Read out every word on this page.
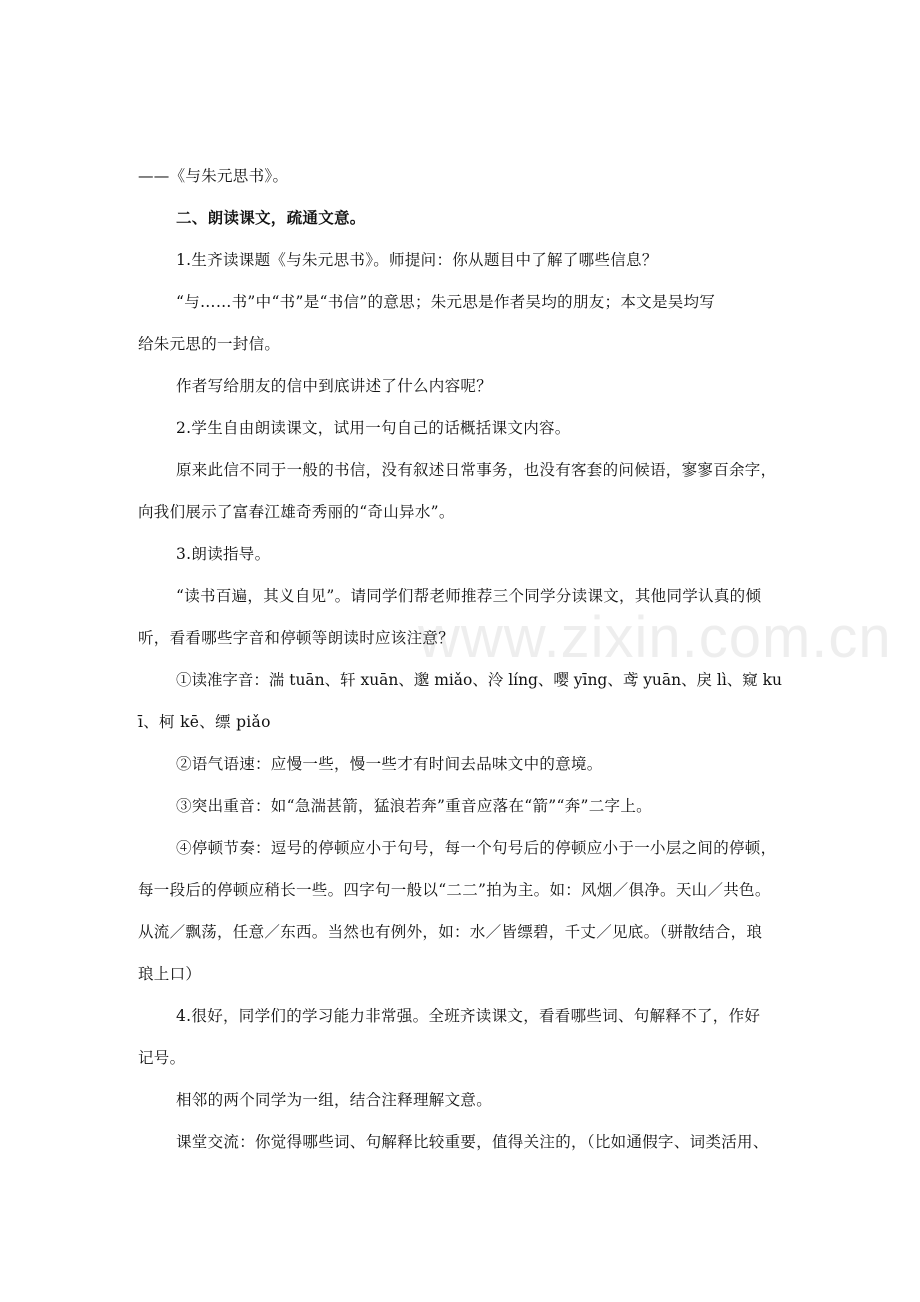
www.zixin.com.cn
——《与朱元思书》。
二、朗读课文，疏通文意。
1.生齐读课题《与朱元思书》。师提问：你从题目中了解了哪些信息？
“与……书”中“书”是“书信”的意思；朱元思是作者吴均的朋友；本文是吴均写
给朱元思的一封信。
作者写给朋友的信中到底讲述了什么内容呢？
2.学生自由朗读课文，试用一句自己的话概括课文内容。
原来此信不同于一般的书信，没有叙述日常事务，也没有客套的问候语，寥寥百余字，
向我们展示了富春江雄奇秀丽的“奇山异水”。
3.朗读指导。
“读书百遍，其义自见”。请同学们帮老师推荐三个同学分读课文，其他同学认真的倾
听，看看哪些字音和停顿等朗读时应该注意？
①读准字音：湍 tuān、轩 xuān、邈 miǎo、泠 líng、嘤 yīng、鸢 yuān、戾 lì、窥 ku
ī、柯 kē、缥 piǎo
②语气语速：应慢一些，慢一些才有时间去品味文中的意境。
③突出重音：如“急湍甚箭，猛浪若奔”重音应落在“箭”“奔”二字上。
④停顿节奏：逗号的停顿应小于句号，每一个句号后的停顿应小于一小层之间的停顿，
每一段后的停顿应稍长一些。四字句一般以“二二”拍为主。如：风烟／俱净。天山／共色。
从流／飘荡，任意／东西。当然也有例外，如：水／皆缥碧，千丈／见底。（骈散结合，琅
琅上口）
4.很好，同学们的学习能力非常强。全班齐读课文，看看哪些词、句解释不了，作好
记号。
相邻的两个同学为一组，结合注释理解文意。
课堂交流：你觉得哪些词、句解释比较重要，值得关注的，（比如通假字、词类活用、
